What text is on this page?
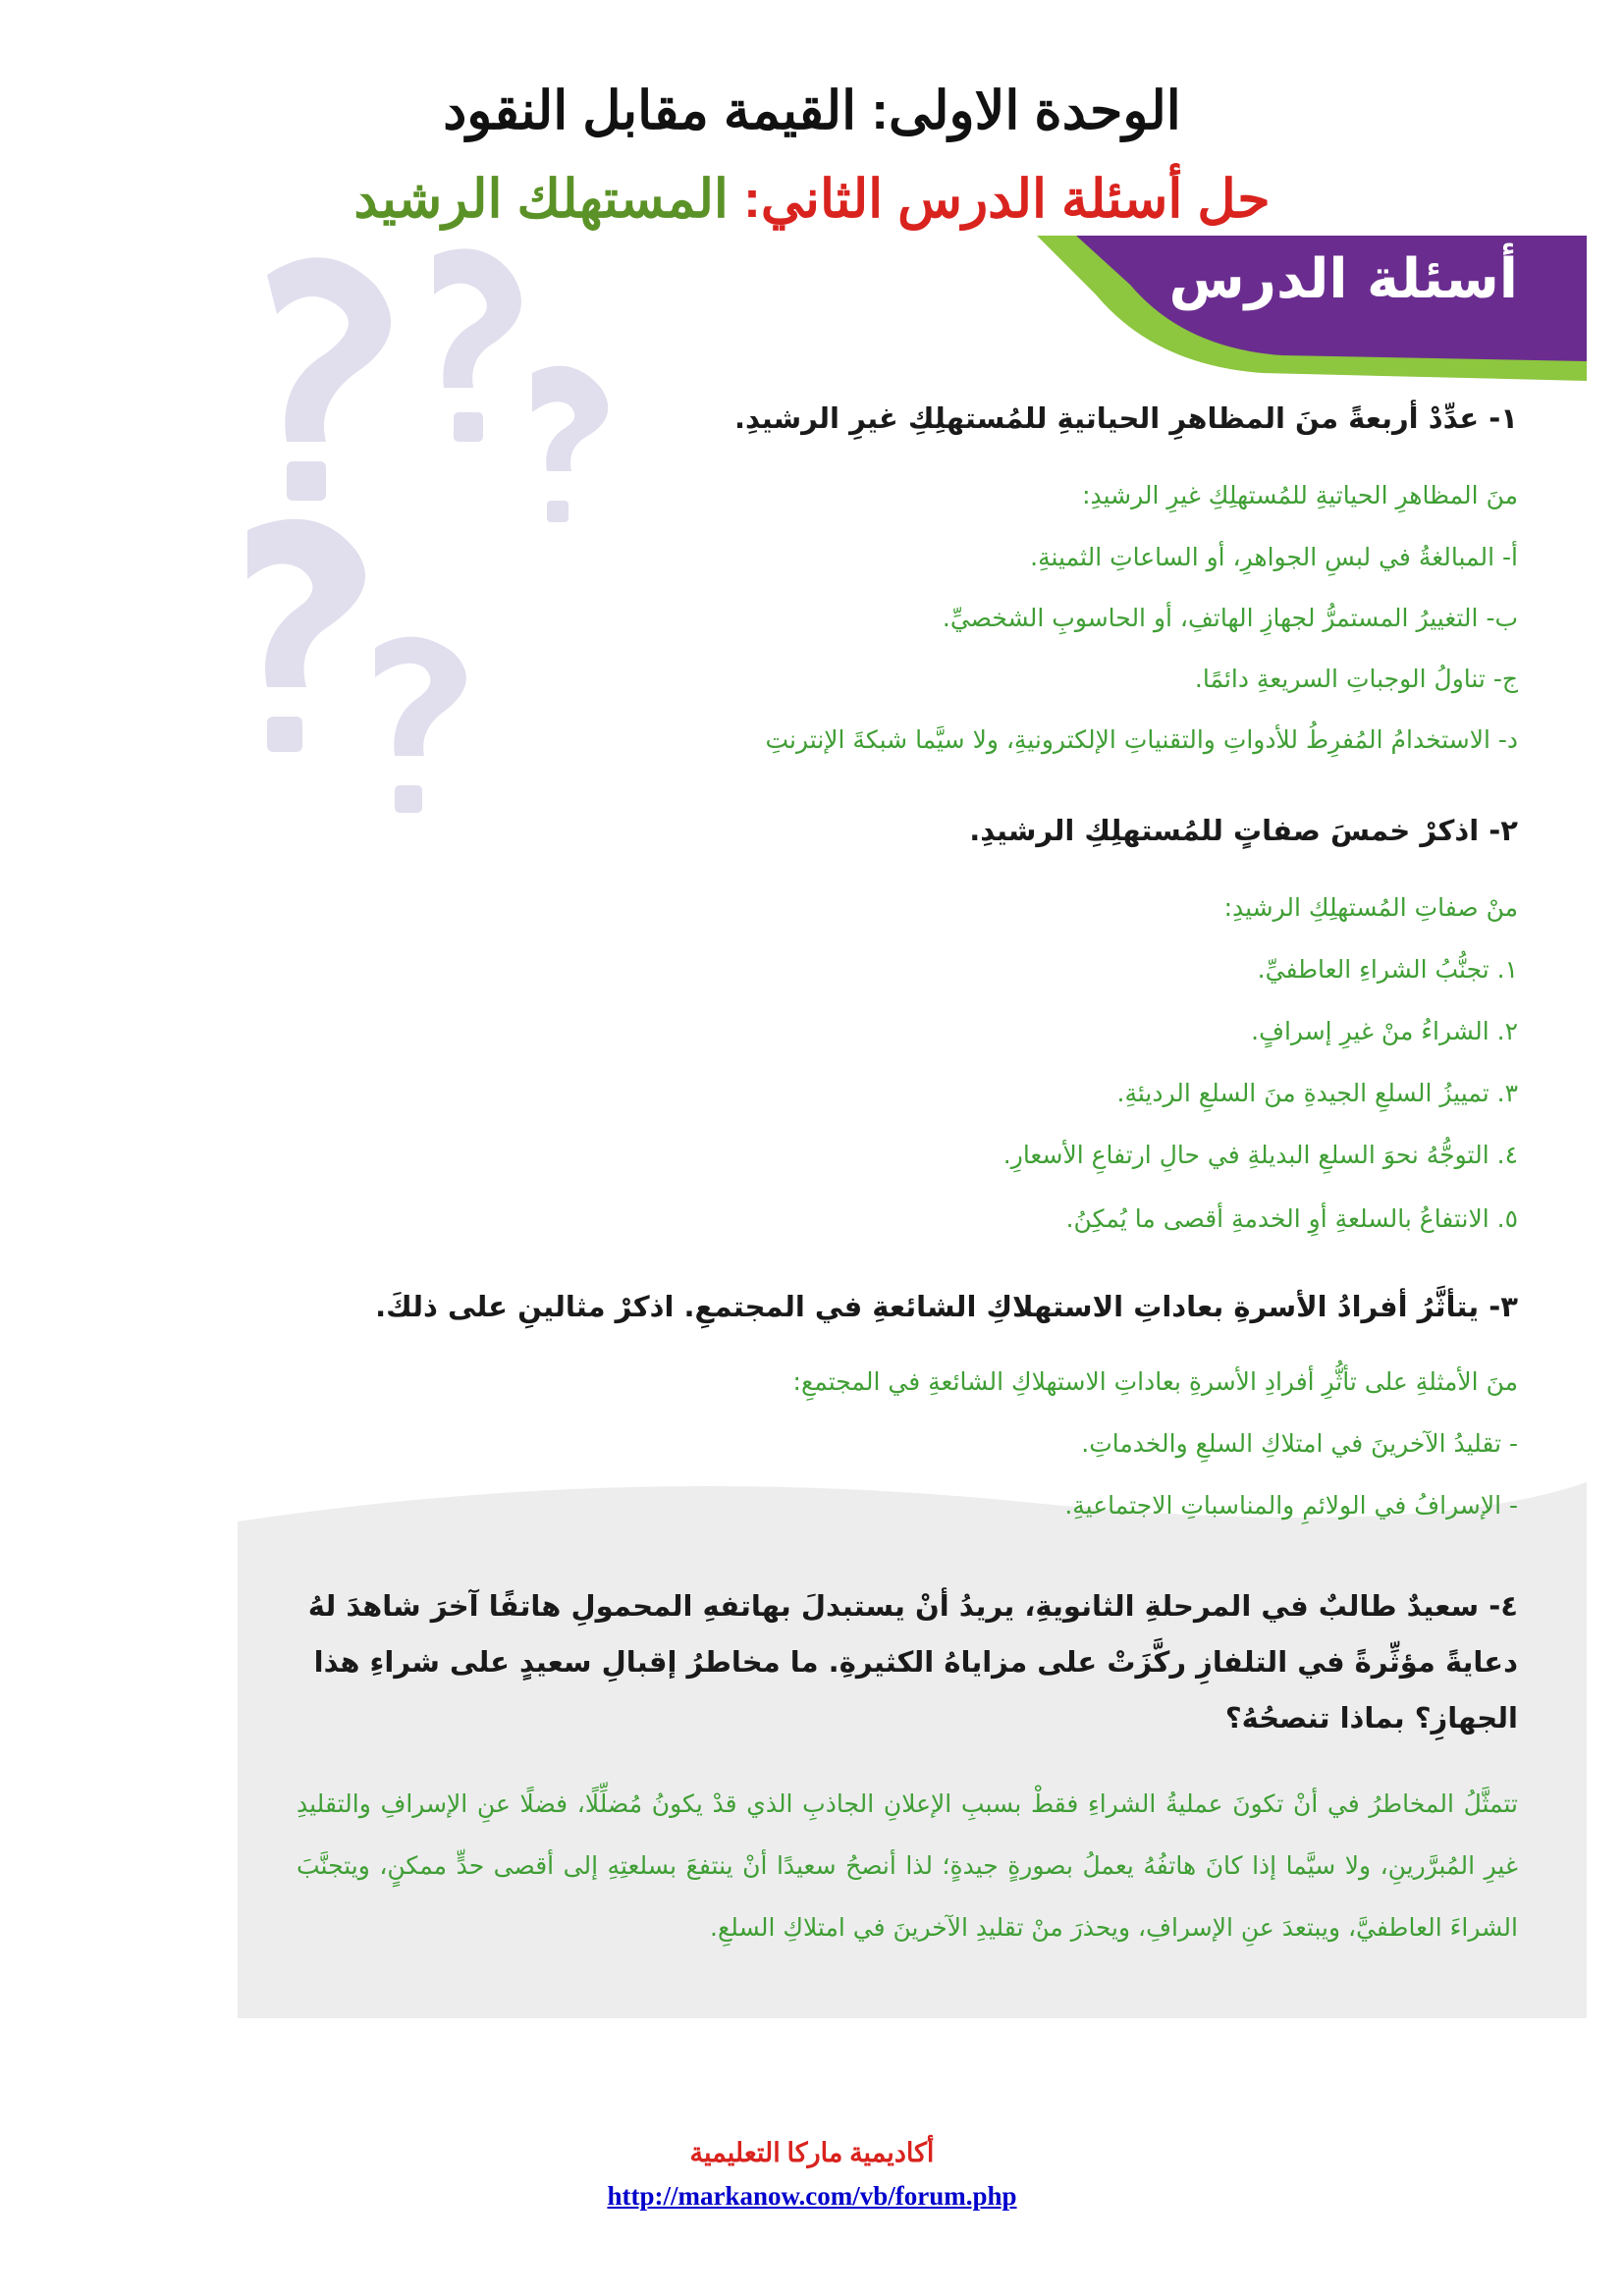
الوحدة الاولى: القيمة مقابل النقود
حل أسئلة الدرس الثاني: المستهلك الرشيد
أسئلة الدرس

١- عدِّدْ أربعةً منَ المظاهرِ الحياتيةِ للمُستهلِكِ غيرِ الرشيدِ.

منَ المظاهرِ الحياتيةِ للمُستهلِكِ غيرِ الرشيدِ:

أ- المبالغةُ في لبسِ الجواهرِ، أو الساعاتِ الثمينةِ.

ب- التغييرُ المستمرُّ لجهازِ الهاتفِ، أو الحاسوبِ الشخصيِّ.

ج- تناولُ الوجباتِ السريعةِ دائمًا.

د- الاستخدامُ المُفرِطُ للأدواتِ والتقنياتِ الإلكترونيةِ، ولا سيَّما شبكةَ الإنترنتِ

٢- اذكرْ خمسَ صفاتٍ للمُستهلِكِ الرشيدِ.

منْ صفاتِ المُستهلِكِ الرشيدِ:

١. تجنُّبُ الشراءِ العاطفيِّ.

٢. الشراءُ منْ غيرِ إسرافٍ.

٣. تمييزُ السلعِ الجيدةِ منَ السلعِ الرديئةِ.

٤. التوجُّهُ نحوَ السلعِ البديلةِ في حالِ ارتفاعِ الأسعارِ.

٥. الانتفاعُ بالسلعةِ أوِ الخدمةِ أقصى ما يُمكِنُ.

٣- يتأثَّرُ أفرادُ الأسرةِ بعاداتِ الاستهلاكِ الشائعةِ في المجتمعِ. اذكرْ مثالينِ على ذلكَ.

منَ الأمثلةِ على تأثُّرِ أفرادِ الأسرةِ بعاداتِ الاستهلاكِ الشائعةِ في المجتمعِ:

- تقليدُ الآخرينَ في امتلاكِ السلعِ والخدماتِ.

- الإسرافُ في الولائمِ والمناسباتِ الاجتماعيةِ.

٤- سعيدٌ طالبٌ في المرحلةِ الثانويةِ، يريدُ أنْ يستبدلَ بهاتفهِ المحمولِ هاتفًا آخرَ شاهدَ لهُ دعايةً مؤثِّرةً في التلفازِ ركَّزَتْ على مزاياهُ الكثيرةِ. ما مخاطرُ إقبالِ سعيدٍ على شراءِ هذا الجهازِ؟ بماذا تنصحُهُ؟

تتمثَّلُ المخاطرُ في أنْ تكونَ عمليةُ الشراءِ فقطْ بسببِ الإعلانِ الجاذبِ الذي قدْ يكونُ مُضلِّلًا، فضلًا عنِ الإسرافِ والتقليدِ غيرِ المُبرَّرينِ، ولا سيَّما إذا كانَ هاتفُهُ يعملُ بصورةٍ جيدةٍ؛ لذا أنصحُ سعيدًا أنْ ينتفعَ بسلعتِهِ إلى أقصى حدٍّ ممكنٍ، ويتجنَّبَ الشراءَ العاطفيَّ، ويبتعدَ عنِ الإسرافِ، ويحذرَ منْ تقليدِ الآخرينَ في امتلاكِ السلعِ.

أكاديمية ماركا التعليمية

http://markanow.com/vb/forum.php
